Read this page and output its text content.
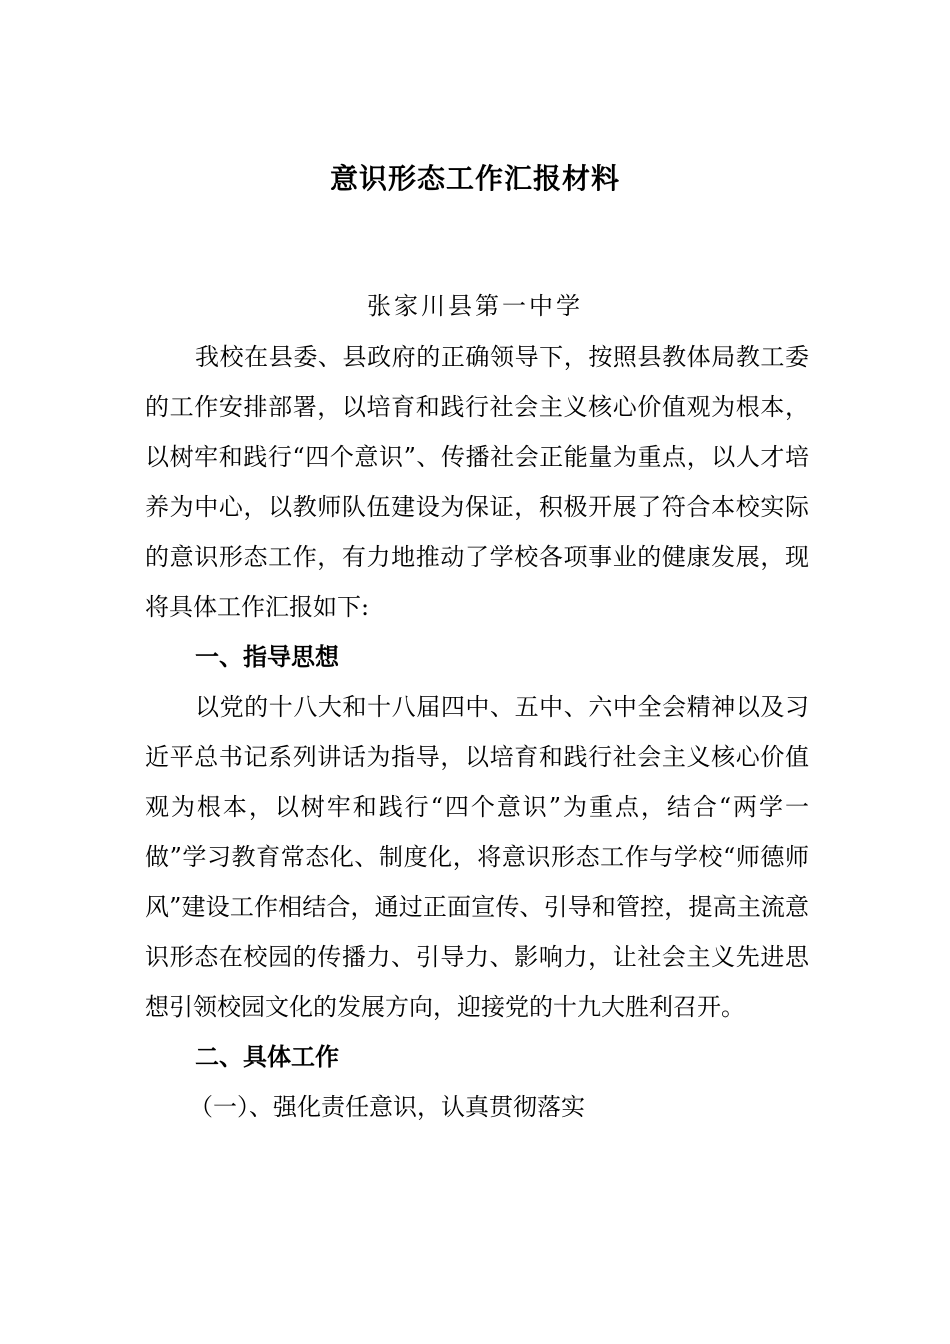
意识形态工作汇报材料
张家川县第一中学

我校在县委、县政府的正确领导下，按照县教体局教工委的工作安排部署，以培育和践行社会主义核心价值观为根本，以树牢和践行“四个意识”、传播社会正能量为重点，以人才培养为中心，以教师队伍建设为保证，积极开展了符合本校实际的意识形态工作，有力地推动了学校各项事业的健康发展，现将具体工作汇报如下:

一、指导思想

以党的十八大和十八届四中、五中、六中全会精神以及习近平总书记系列讲话为指导，以培育和践行社会主义核心价值观为根本，以树牢和践行“四个意识”为重点，结合“两学一做”学习教育常态化、制度化，将意识形态工作与学校“师德师风”建设工作相结合，通过正面宣传、引导和管控，提高主流意识形态在校园的传播力、引导力、影响力，让社会主义先进思想引领校园文化的发展方向，迎接党的十九大胜利召开。

二、具体工作

（一）、强化责任意识，认真贯彻落实
